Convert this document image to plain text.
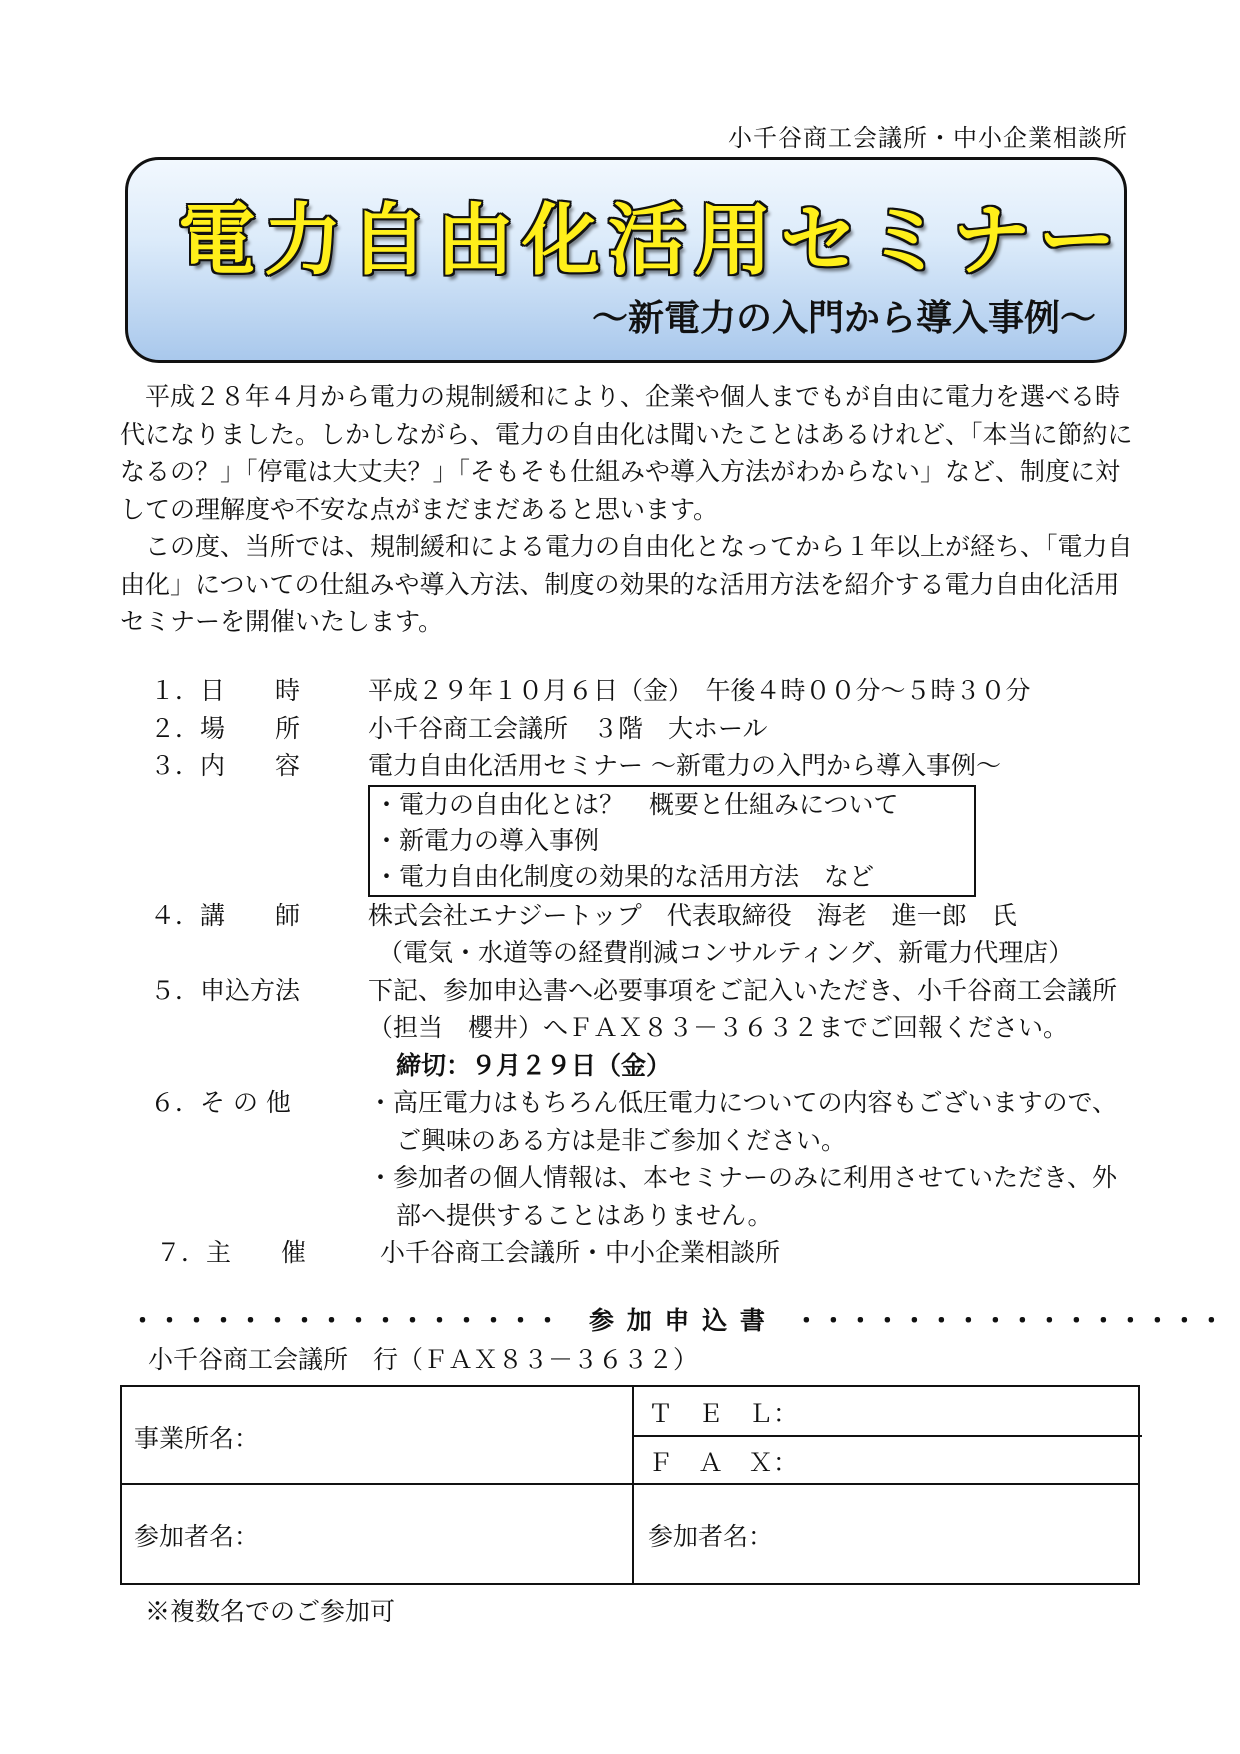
小千谷商工会議所・中小企業相談所
電力自由化活用セミナー
～新電力の入門から導入事例～

平成２８年４月から電力の規制緩和により、企業や個人までもが自由に電力を選べる時代になりました。しかしながら、電力の自由化は聞いたことはあるけれど、「本当に節約になるの？」「停電は大丈夫？」「そもそも仕組みや導入方法がわからない」など、制度に対しての理解度や不安な点がまだまだあると思います。

この度、当所では、規制緩和による電力の自由化となってから１年以上が経ち、「電力自由化」についての仕組みや導入方法、制度の効果的な活用方法を紹介する電力自由化活用セミナーを開催いたします。

１．日　　時	平成２９年１０月６日（金）　午後４時００分～５時３０分
２．場　　所	小千谷商工会議所　３階　大ホール
３．内　　容	電力自由化活用セミナー ～新電力の入門から導入事例～
・電力の自由化とは？　概要と仕組みについて
・新電力の導入事例
・電力自由化制度の効果的な活用方法　など
４．講　　師	株式会社エナジートップ　代表取締役　海老　進一郎　氏
（電気・水道等の経費削減コンサルティング、新電力代理店）
５．申込方法	下記、参加申込書へ必要事項をご記入いただき、小千谷商工会議所（担当　櫻井）へＦＡＸ８３－３６３２までご回報ください。
締切：９月２９日（金）
６．そ の 他	・高圧電力はもちろん低圧電力についての内容もございますので、ご興味のある方は是非ご参加ください。
・参加者の個人情報は、本セミナーのみに利用させていただき、外部へ提供することはありません。
７．主　　催	小千谷商工会議所・中小企業相談所
・・・・・・・・・・・・・・・・　参 加 申 込 書　・・・・・・・・・・・・・・・・
小千谷商工会議所　行（ＦＡＸ８３－３６３２）
事業所名：
Ｔ　Ｅ　Ｌ：
Ｆ　Ａ　Ｘ：
参加者名：	参加者名：
※複数名でのご参加可
